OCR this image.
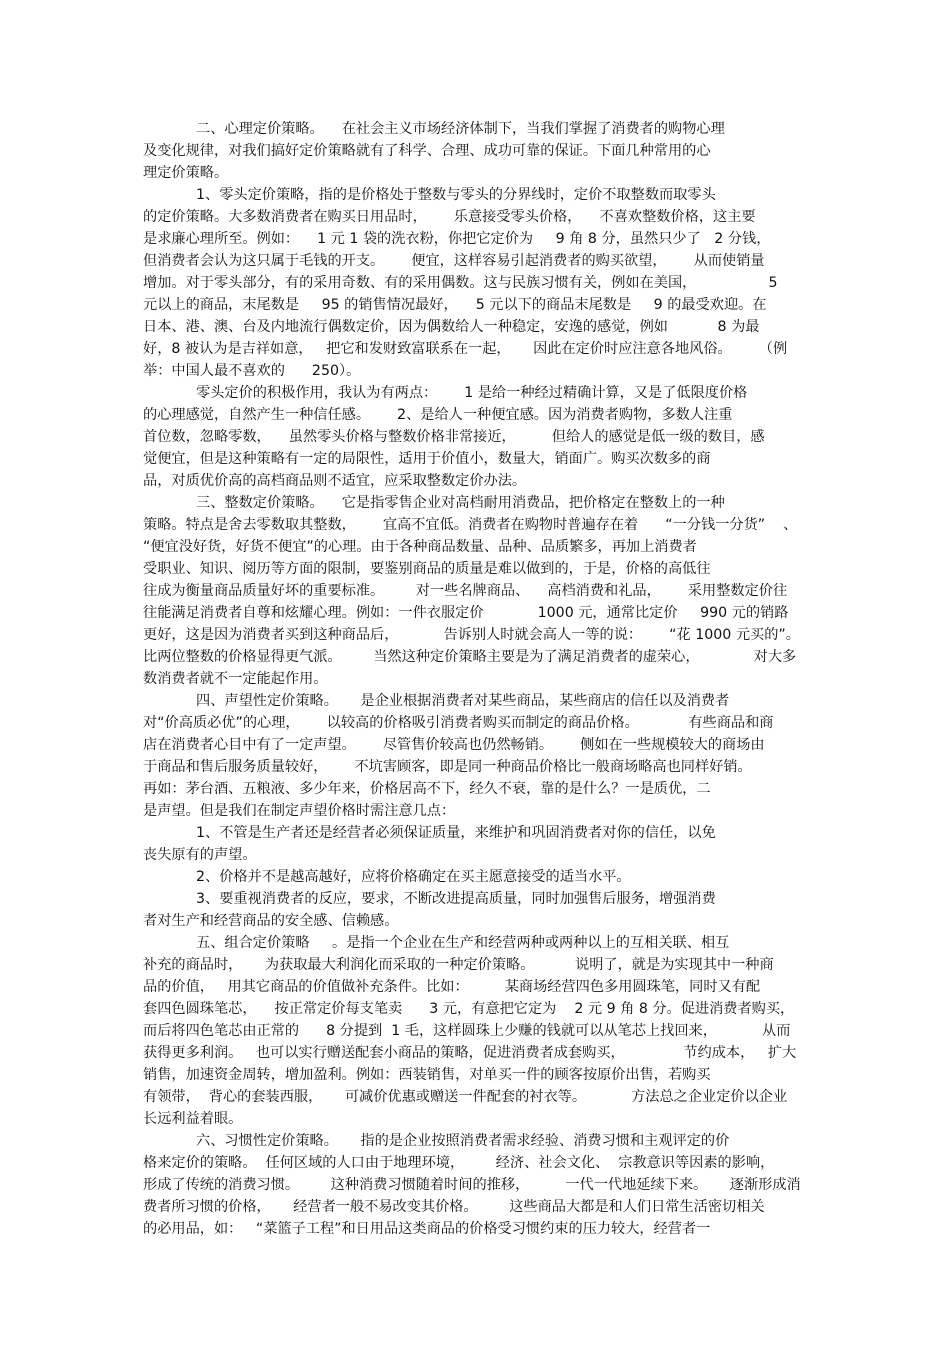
二、心理定价策略。    在社会主义市场经济体制下，当我们掌握了消费者的购物心理
及变化规律，对我们搞好定价策略就有了科学、合理、成功可靠的保证。下面几种常用的心
理定价策略。
1、零头定价策略，指的是价格处于整数与零头的分界线时，定价不取整数而取零头
的定价策略。大多数消费者在购买日用品时，      乐意接受零头价格，    不喜欢整数价格，这主要
是求廉心理所至。例如：    1 元 1 袋的洗衣粉，你把它定价为     9 角 8 分，虽然只少了   2 分钱，
但消费者会认为这只属于毛钱的开支。      便宜，这样容易引起消费者的购买欲望，      从而使销量
增加。对于零头部分，有的采用奇数、有的采用偶数。这与民族习惯有关，例如在美国，                5
元以上的商品，末尾数是     95 的销售情况最好，    5 元以下的商品末尾数是     9 的最受欢迎。在
日本、港、澳、台及内地流行偶数定价，因为偶数给人一种稳定，安逸的感觉，例如           8 为最
好，8 被认为是吉祥如意，   把它和发财致富联系在一起，     因此在定价时应注意各地风俗。      （例
举：中国人最不喜欢的      250）。
零头定价的积极作用，我认为有两点：      1 是给一种经过精确计算，又是了低限度价格
的心理感觉，自然产生一种信任感。      2、是给人一种便宜感。因为消费者购物，多数人注重
首位数，忽略零数，    虽然零头价格与整数价格非常接近，        但给人的感觉是低一级的数目，感
觉便宜，但是这种策略有一定的局限性，适用于价值小，数量大，销面广。购买次数多的商
品，对质优价高的高档商品则不适宜，应采取整数定价办法。
三、整数定价策略。    它是指零售企业对高档耐用消费品，把价格定在整数上的一种
策略。特点是舍去零数取其整数，      宜高不宜低。消费者在购物时普遍存在着      “一分钱一分货”    、
“便宜没好货，好货不便宜”的心理。由于各种商品数量、品种、品质繁多，再加上消费者
受职业、知识、阅历等方面的限制，要鉴别商品的质量是难以做到的，于是，价格的高低往
往成为衡量商品质量好坏的重要标准。       对一些名牌商品、    高档消费和礼品，      采用整数定价往
往能满足消费者自尊和炫耀心理。例如：一件衣服定价            1000 元，通常比定价     990 元的销路
更好，这是因为消费者买到这种商品后，          告诉别人时就会高人一等的说：      “花 1000 元买的”。
比两位整数的价格显得更气派。       当然这种定价策略主要是为了满足消费者的虚荣心，            对大多
数消费者就不一定能起作用。
四、声望性定价策略。     是企业根据消费者对某些商品，某些商店的信任以及消费者
对“价高质必优”的心理，      以较高的价格吸引消费者购买而制定的商品价格。           有些商品和商
店在消费者心目中有了一定声望。      尽管售价较高也仍然畅销。      侧如在一些规模较大的商场由
于商品和售后服务质量较好，      不坑害顾客，即是同一种商品价格比一般商场略高也同样好销。
再如：茅台酒、五粮液、多少年来，价格居高不下，经久不衰，靠的是什么？一是质优，二
是声望。但是我们在制定声望价格时需注意几点：
1、不管是生产者还是经营者必须保证质量，来维护和巩固消费者对你的信任，以免
丧失原有的声望。
2、价格并不是越高越好，应将价格确定在买主愿意接受的适当水平。
3、要重视消费者的反应，要求，不断改进提高质量，同时加强售后服务，增强消费
者对生产和经营商品的安全感、信赖感。
五、组合定价策略     。是指一个企业在生产和经营两种或两种以上的互相关联、相互
补充的商品时，     为获取最大利润化而采取的一种定价策略。         说明了，就是为实现其中一种商
品的价值，   用其它商品的价值做补充条件。比如：        某商场经营四色多用圆珠笔，同时又有配
套四色圆珠笔芯，    按正常定价每支笔卖      3 元，有意把它定为    2 元 9 角 8 分。促进消费者购买，
而后将四色笔芯由正常的      8 分提到  1 毛，这样圆珠上少赚的钱就可以从笔芯上找回来，          从而
获得更多利润。   也可以实行赠送配套小商品的策略，促进消费者成套购买，             节约成本，   扩大
销售，加速资金周转，增加盈利。例如：西装销售，对单买一件的顾客按原价出售，若购买
有领带，  背心的套装西服，     可减价优惠或赠送一件配套的衬衣等。          方法总之企业定价以企业
长远利益着眼。
六、习惯性定价策略。     指的是企业按照消费者需求经验、消费习惯和主观评定的价
格来定价的策略。  任何区域的人口由于地理环境，       经济、社会文化、  宗教意识等因素的影响，
形成了传统的消费习惯。       这种消费习惯随着时间的推移，        一代一代地延续下来。     逐渐形成消
费者所习惯的价格，     经营者一般不易改变其价格。       这些商品大都是和人们日常生活密切相关
的必用品，如：   “菜篮子工程”和日用品这类商品的价格受习惯约束的压力较大，经营者一
